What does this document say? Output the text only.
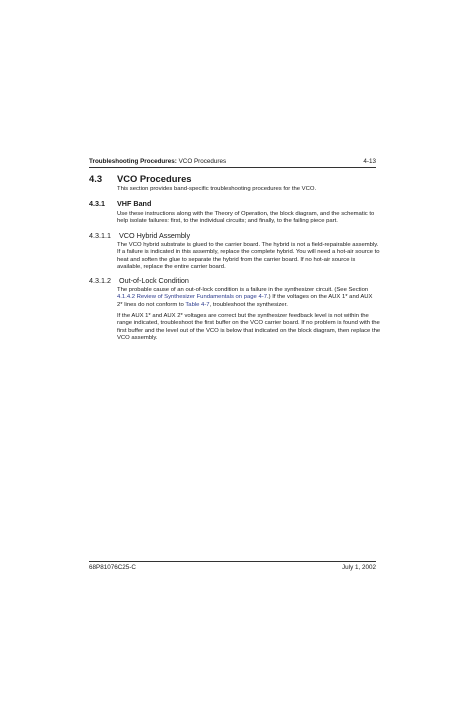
Troubleshooting Procedures: VCO Procedures	4-13
4.3 VCO Procedures
This section provides band-specific troubleshooting procedures for the VCO.
4.3.1 VHF Band
Use these instructions along with the Theory of Operation, the block diagram, and the schematic to
help isolate failures: first, to the individual circuits; and finally, to the failing piece part.
4.3.1.1 VCO Hybrid Assembly
The VCO hybrid substrate is glued to the carrier board. The hybrid is not a field-repairable assembly.
If a failure is indicated in this assembly, replace the complete hybrid. You will need a hot-air source to
heat and soften the glue to separate the hybrid from the carrier board. If no hot-air source is
available, replace the entire carrier board.
4.3.1.2 Out-of-Lock Condition
The probable cause of an out-of-lock condition is a failure in the synthesizer circuit. (See Section
4.1.4.2 Review of Synthesizer Fundamentals on page 4-7.) If the voltages on the AUX 1* and AUX
2* lines do not conform to Table 4-7, troubleshoot the synthesizer.
If the AUX 1* and AUX 2* voltages are correct but the synthesizer feedback level is not within the
range indicated, troubleshoot the first buffer on the VCO carrier board. If no problem is found with the
first buffer and the level out of the VCO is below that indicated on the block diagram, then replace the
VCO assembly.
68P81076C25-C	July 1, 2002
